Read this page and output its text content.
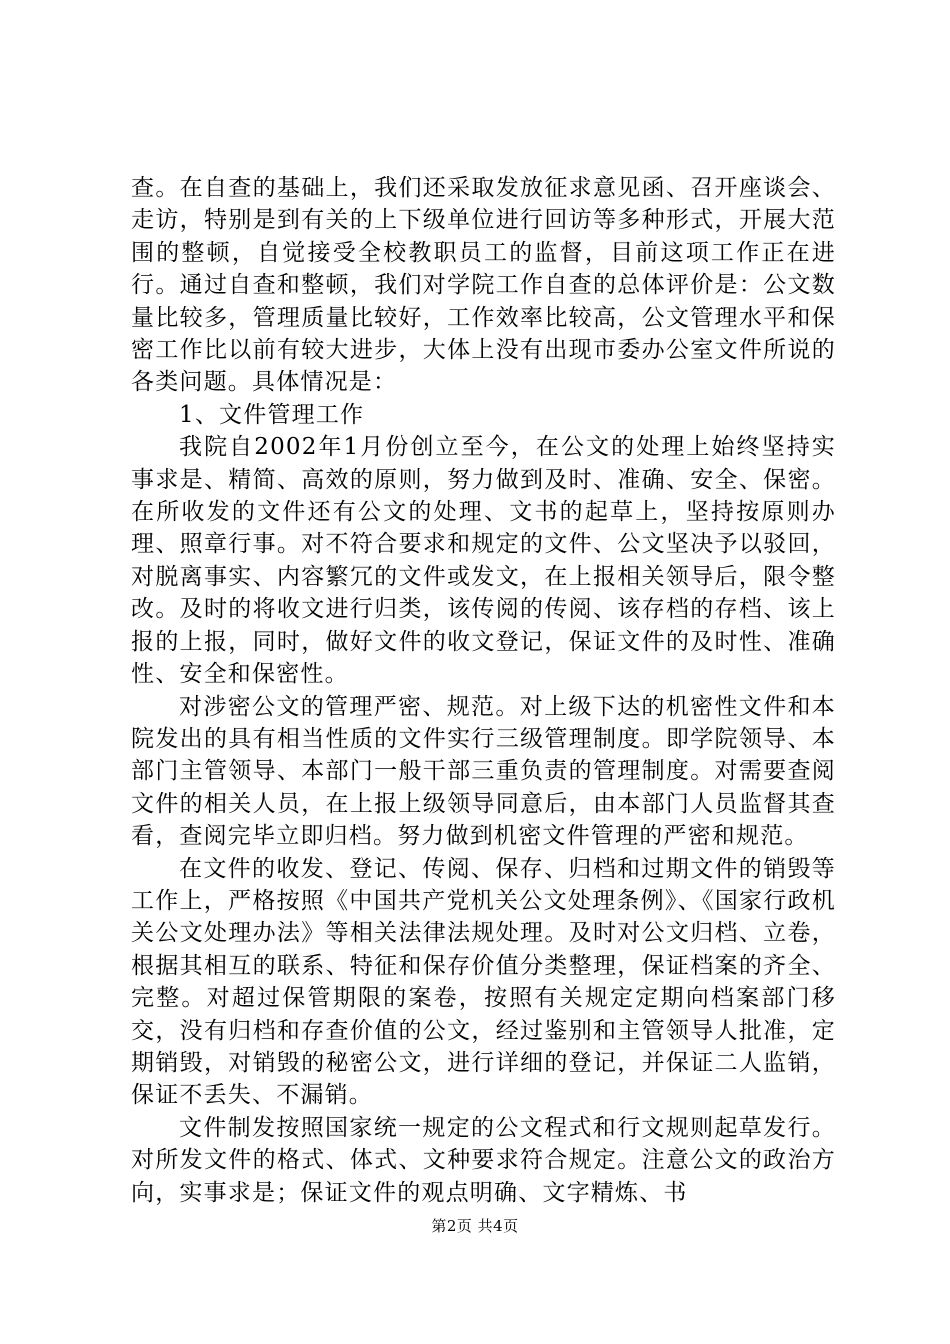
查。在自查的基础上，我们还采取发放征求意见函、召开座谈会、走访，特别是到有关的上下级单位进行回访等多种形式，开展大范围的整顿，自觉接受全校教职员工的监督，目前这项工作正在进行。通过自查和整顿，我们对学院工作自查的总体评价是：公文数量比较多，管理质量比较好，工作效率比较高，公文管理水平和保密工作比以前有较大进步，大体上没有出现市委办公室文件所说的各类问题。具体情况是：

1、文件管理工作

我院自2002年1月份创立至今，在公文的处理上始终坚持实事求是、精简、高效的原则，努力做到及时、准确、安全、保密。在所收发的文件还有公文的处理、文书的起草上，坚持按原则办理、照章行事。对不符合要求和规定的文件、公文坚决予以驳回，对脱离事实、内容繁冗的文件或发文，在上报相关领导后，限令整改。及时的将收文进行归类，该传阅的传阅、该存档的存档、该上报的上报，同时，做好文件的收文登记，保证文件的及时性、准确性、安全和保密性。

对涉密公文的管理严密、规范。对上级下达的机密性文件和本院发出的具有相当性质的文件实行三级管理制度。即学院领导、本部门主管领导、本部门一般干部三重负责的管理制度。对需要查阅文件的相关人员，在上报上级领导同意后，由本部门人员监督其查看，查阅完毕立即归档。努力做到机密文件管理的严密和规范。

在文件的收发、登记、传阅、保存、归档和过期文件的销毁等工作上，严格按照《中国共产党机关公文处理条例》、《国家行政机关公文处理办法》等相关法律法规处理。及时对公文归档、立卷，根据其相互的联系、特征和保存价值分类整理，保证档案的齐全、完整。对超过保管期限的案卷，按照有关规定定期向档案部门移交，没有归档和存查价值的公文，经过鉴别和主管领导人批准，定期销毁，对销毁的秘密公文，进行详细的登记，并保证二人监销，保证不丢失、不漏销。

文件制发按照国家统一规定的公文程式和行文规则起草发行。对所发文件的格式、体式、文种要求符合规定。注意公文的政治方向，实事求是；保证文件的观点明确、文字精炼、书

第2页 共4页
